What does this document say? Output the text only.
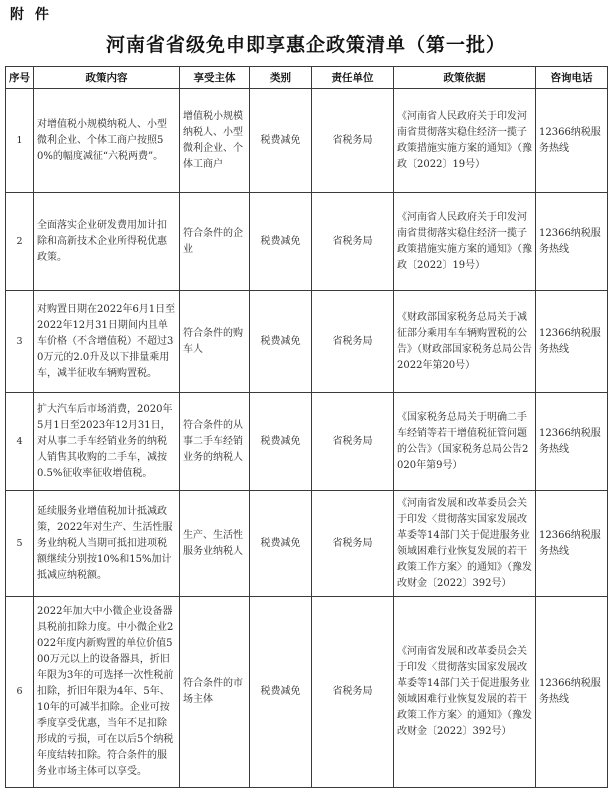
附 件
河南省省级免申即享惠企政策清单（第一批）
序号	政策内容	享受主体	类别	责任单位	政策依据	咨询电话
1	对增值税小规模纳税人、小型微利企业、个体工商户按照50%的幅度减征“六税两费”。	增值税小规模纳税人、小型微利企业、个体工商户	税费减免	省税务局	《河南省人民政府关于印发河南省贯彻落实稳住经济一揽子政策措施实施方案的通知》（豫政〔2022〕19号）	12366纳税服务热线
2	全面落实企业研发费用加计扣除和高新技术企业所得税优惠政策。	符合条件的企业	税费减免	省税务局	《河南省人民政府关于印发河南省贯彻落实稳住经济一揽子政策措施实施方案的通知》（豫政〔2022〕19号）	12366纳税服务热线
3	对购置日期在2022年6月1日至2022年12月31日期间内且单车价格（不含增值税）不超过30万元的2.0升及以下排量乘用车，减半征收车辆购置税。	符合条件的购车人	税费减免	省税务局	《财政部国家税务总局关于减征部分乘用车车辆购置税的公告》（财政部国家税务总局公告2022年第20号）	12366纳税服务热线
4	扩大汽车后市场消费，2020年5月1日至2023年12月31日，对从事二手车经销业务的纳税人销售其收购的二手车，减按0.5%征收率征收增值税。	符合条件的从事二手车经销业务的纳税人	税费减免	省税务局	《国家税务总局关于明确二手车经销等若干增值税征管问题的公告》（国家税务总局公告2020年第9号）	12366纳税服务热线
5	延续服务业增值税加计抵减政策，2022年对生产、生活性服务业纳税人当期可抵扣进项税额继续分别按10%和15%加计抵减应纳税额。	生产、生活性服务业纳税人	税费减免	省税务局	《河南省发展和改革委员会关于印发〈贯彻落实国家发展改革委等14部门关于促进服务业领域困难行业恢复发展的若干政策工作方案〉的通知》（豫发改财金〔2022〕392号）	12366纳税服务热线
6	2022年加大中小微企业设备器具税前扣除力度。中小微企业2022年度内新购置的单位价值500万元以上的设备器具，折旧年限为3年的可选择一次性税前扣除，折旧年限为4年、5年、10年的可减半扣除。企业可按季度享受优惠，当年不足扣除形成的亏损，可在以后5个纳税年度结转扣除。符合条件的服务业市场主体可以享受。	符合条件的市场主体	税费减免	省税务局	《河南省发展和改革委员会关于印发〈贯彻落实国家发展改革委等14部门关于促进服务业领域困难行业恢复发展的若干政策工作方案〉的通知》（豫发改财金〔2022〕392号）	12366纳税服务热线
